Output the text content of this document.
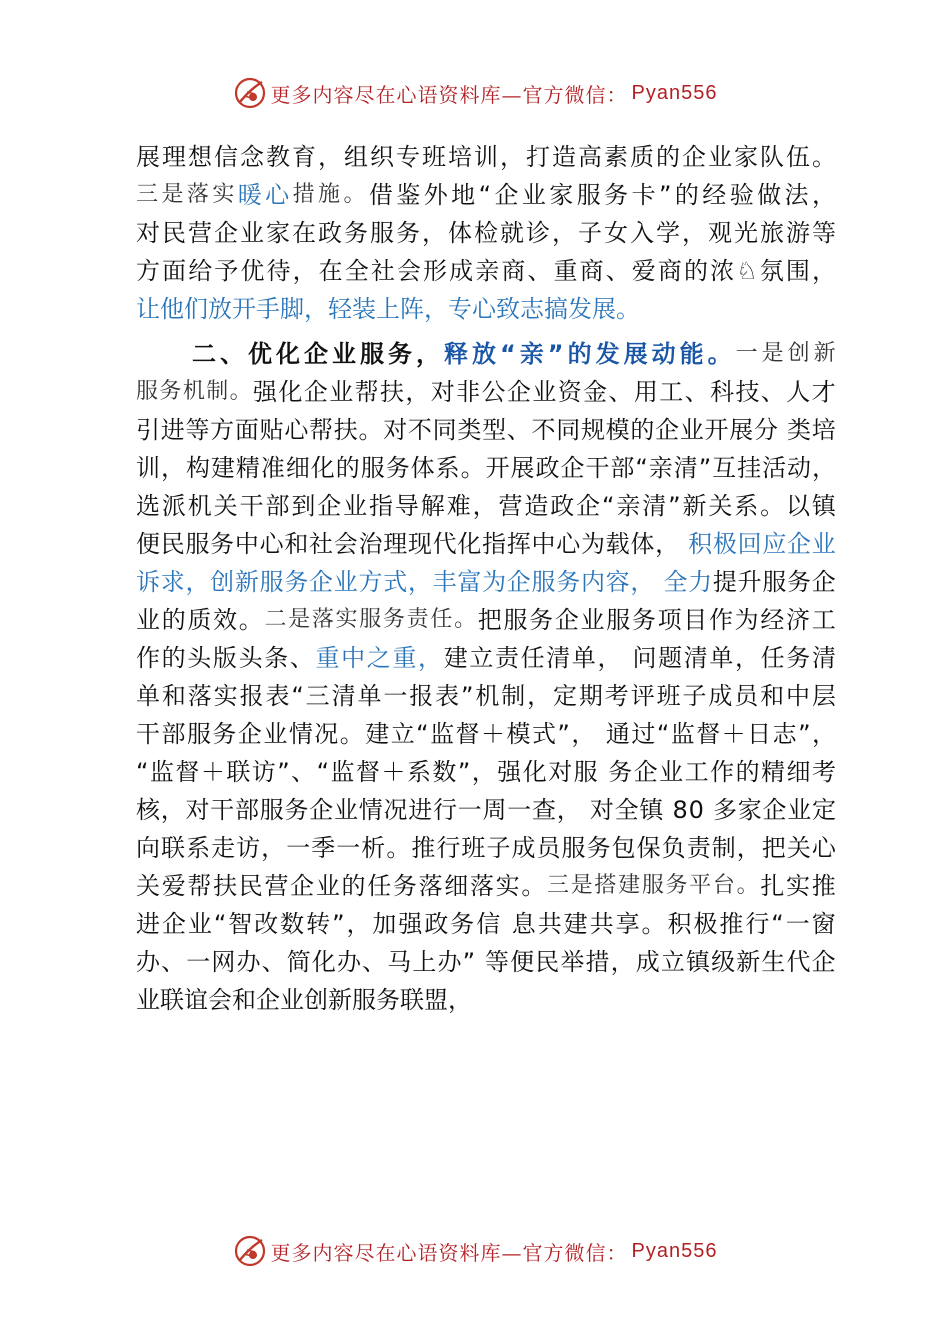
更多内容尽在心语资料库—官方微信： Pyan556
展 理 想 信 念 教 育 ， 组 织 专 班 培 训 ， 打 造 高 素 质 的 企 业 家 队 伍 。
三 是 落 实 暖 心 措 施 。 借 鉴 外 地 “ 企 业 家 服 务 卡 ” 的 经 验 做 法 ，
对 民 营 企 业 家 在 政 务 服 务 ， 体 检 就 诊 ， 子 女 入 学 ， 观 光 旅 游 等
方 面 给 予 优 待 ， 在 全 社 会 形 成 亲 商 、 重 商 、 爱 商 的 浓 ♘ 氛 围 ，
让他们放开手脚，轻装上阵，专心致志搞发展。

二 、 优 化 企 业 服 务 ， 释 放 “ 亲 ” 的 发 展 动 能 。 一 是 创 新
服 务 机 制 。 强 化 企 业 帮 扶 ， 对 非 公 企 业 资 金 、 用 工 、 科 技 、 人 才
引 进 等 方 面 贴 心 帮 扶 。 对 不 同 类 型 、 不 同 规 模 的 企 业 开 展 分
类 培
训 ， 构 建 精 准 细 化 的 服 务 体 系 。 开 展 政 企 干 部 “ 亲 清 ” 互 挂 活 动 ，
选 派 机 关 干 部 到 企 业 指 导 解 难 ， 营 造 政 企 “ 亲 清 ” 新 关 系 。 以 镇
便 民 服 务 中 心 和 社 会 治 理 现 代 化 指 挥 中 心 为 载 体 ，
积 极 回 应 企 业
诉 求 ， 创 新 服 务 企 业 方 式 ， 丰 富 为 企 服 务 内 容 ，
全 力 提 升 服 务 企
业 的 质 效 。 二 是 落 实 服 务 责 任 。 把 服 务 企 业 服 务 项 目 作 为 经 济 工
作 的 头 版 头 条 、 重 中 之 重 ， 建 立 责 任 清 单 ，
问 题 清 单 ， 任 务 清
单 和 落 实 报 表 “ 三 清 单 一 报 表 ” 机 制 ， 定 期 考 评 班 子 成 员 和 中 层
干 部 服 务 企 业 情 况 。 建 立 “ 监 督 ＋ 模 式 ” ，
通 过 “ 监 督 ＋ 日 志 ” ，
“ 监 督 ＋ 联 访 ” 、 “ 监 督 ＋ 系 数 ” ， 强 化 对 服
务 企 业 工 作 的 精 细 考
核 ， 对 干 部 服 务 企 业 情 况 进 行 一 周 一 查 ，
对 全 镇
8 0
多 家 企 业 定
向 联 系 走 访 ， 一 季 一 析 。 推 行 班 子 成 员 服 务 包 保 负 责 制 ， 把 关 心
关 爱 帮 扶 民 营 企 业 的 任 务 落 细 落 实 。 三 是 搭 建 服 务 平 台 。 扎 实 推
进 企 业 “ 智 改 数 转 ” ， 加 强 政 务 信
息 共 建 共 享 。 积 极 推 行 “ 一 窗
办 、 一 网 办 、 简 化 办 、 马 上 办 ”
等 便 民 举 措 ， 成 立 镇 级 新 生 代 企
业联谊会和企业创新服务联盟，
更多内容尽在心语资料库—官方微信： Pyan556
